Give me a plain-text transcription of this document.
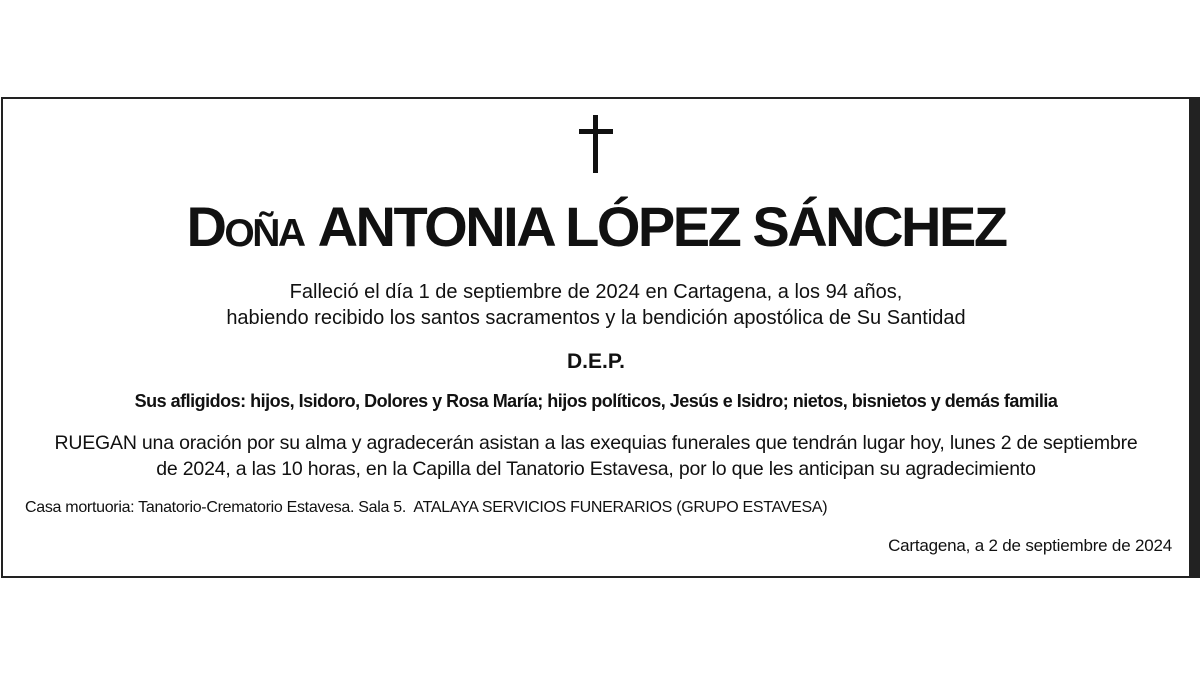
Doña ANTONIA LÓPEZ SÁNCHEZ
Falleció el día 1 de septiembre de 2024 en Cartagena, a los 94 años,
habiendo recibido los santos sacramentos y la bendición apostólica de Su Santidad
D.E.P.
Sus afligidos: hijos, Isidoro, Dolores y Rosa María; hijos políticos, Jesús e Isidro; nietos, bisnietos y demás familia
RUEGAN una oración por su alma y agradecerán asistan a las exequias funerales que tendrán lugar hoy, lunes 2 de septiembre
de 2024, a las 10 horas, en la Capilla del Tanatorio Estavesa, por lo que les anticipan su agradecimiento
Casa mortuoria: Tanatorio-Crematorio Estavesa. Sala 5.  ATALAYA SERVICIOS FUNERARIOS (GRUPO ESTAVESA)
Cartagena, a 2 de septiembre de 2024
